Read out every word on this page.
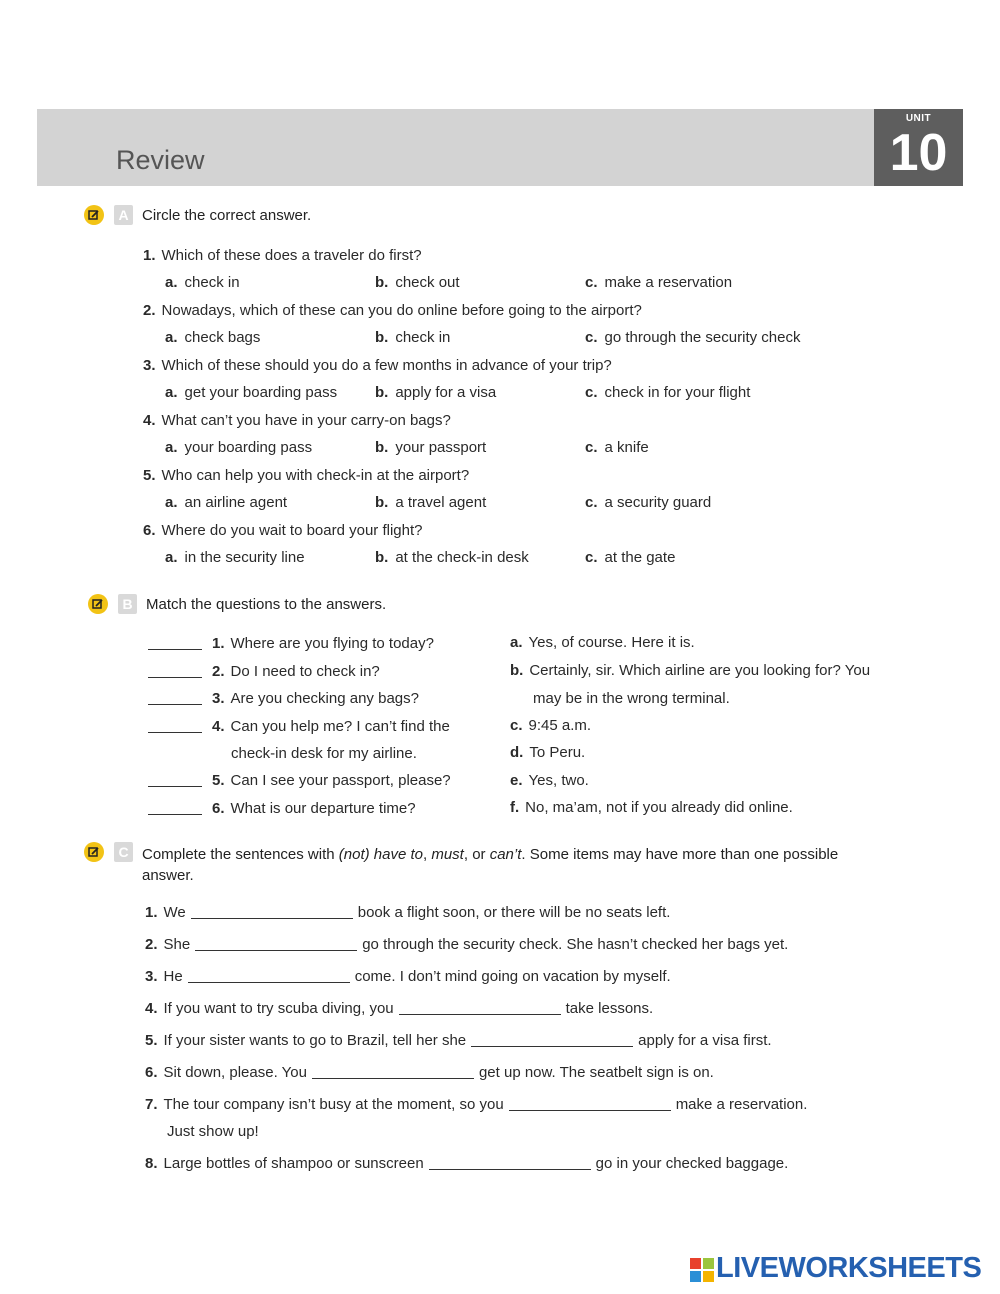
Review
UNIT
10
A Circle the correct answer.
1. Which of these does a traveler do first?
a. check in	b. check out	c. make a reservation
2. Nowadays, which of these can you do online before going to the airport?
a. check bags	b. check in	c. go through the security check
3. Which of these should you do a few months in advance of your trip?
a. get your boarding pass	b. apply for a visa	c. check in for your flight
4. What can’t you have in your carry-on bags?
a. your boarding pass	b. your passport	c. a knife
5. Who can help you with check-in at the airport?
a. an airline agent	b. a travel agent	c. a security guard
6. Where do you wait to board your flight?
a. in the security line	b. at the check-in desk	c. at the gate
B Match the questions to the answers.
1. Where are you flying to today?
2. Do I need to check in?
3. Are you checking any bags?
4. Can you help me? I can’t find the
check-in desk for my airline.
5. Can I see your passport, please?
6. What is our departure time?
a. Yes, of course. Here it is.
b. Certainly, sir. Which airline are you looking for? You
may be in the wrong terminal.
c. 9:45 a.m.
d. To Peru.
e. Yes, two.
f. No, ma’am, not if you already did online.
C Complete the sentences with (not) have to, must, or can’t. Some items may have more than one possible
answer.
1. We	book a flight soon, or there will be no seats left.
2. She	go through the security check. She hasn’t checked her bags yet.
3. He	come. I don’t mind going on vacation by myself.
4. If you want to try scuba diving, you	take lessons.
5. If your sister wants to go to Brazil, tell her she	apply for a visa first.
6. Sit down, please. You	get up now. The seatbelt sign is on.
7. The tour company isn’t busy at the moment, so you	make a reservation.
Just show up!
8. Large bottles of shampoo or sunscreen	go in your checked baggage.
LIVEWORKSHEETS
